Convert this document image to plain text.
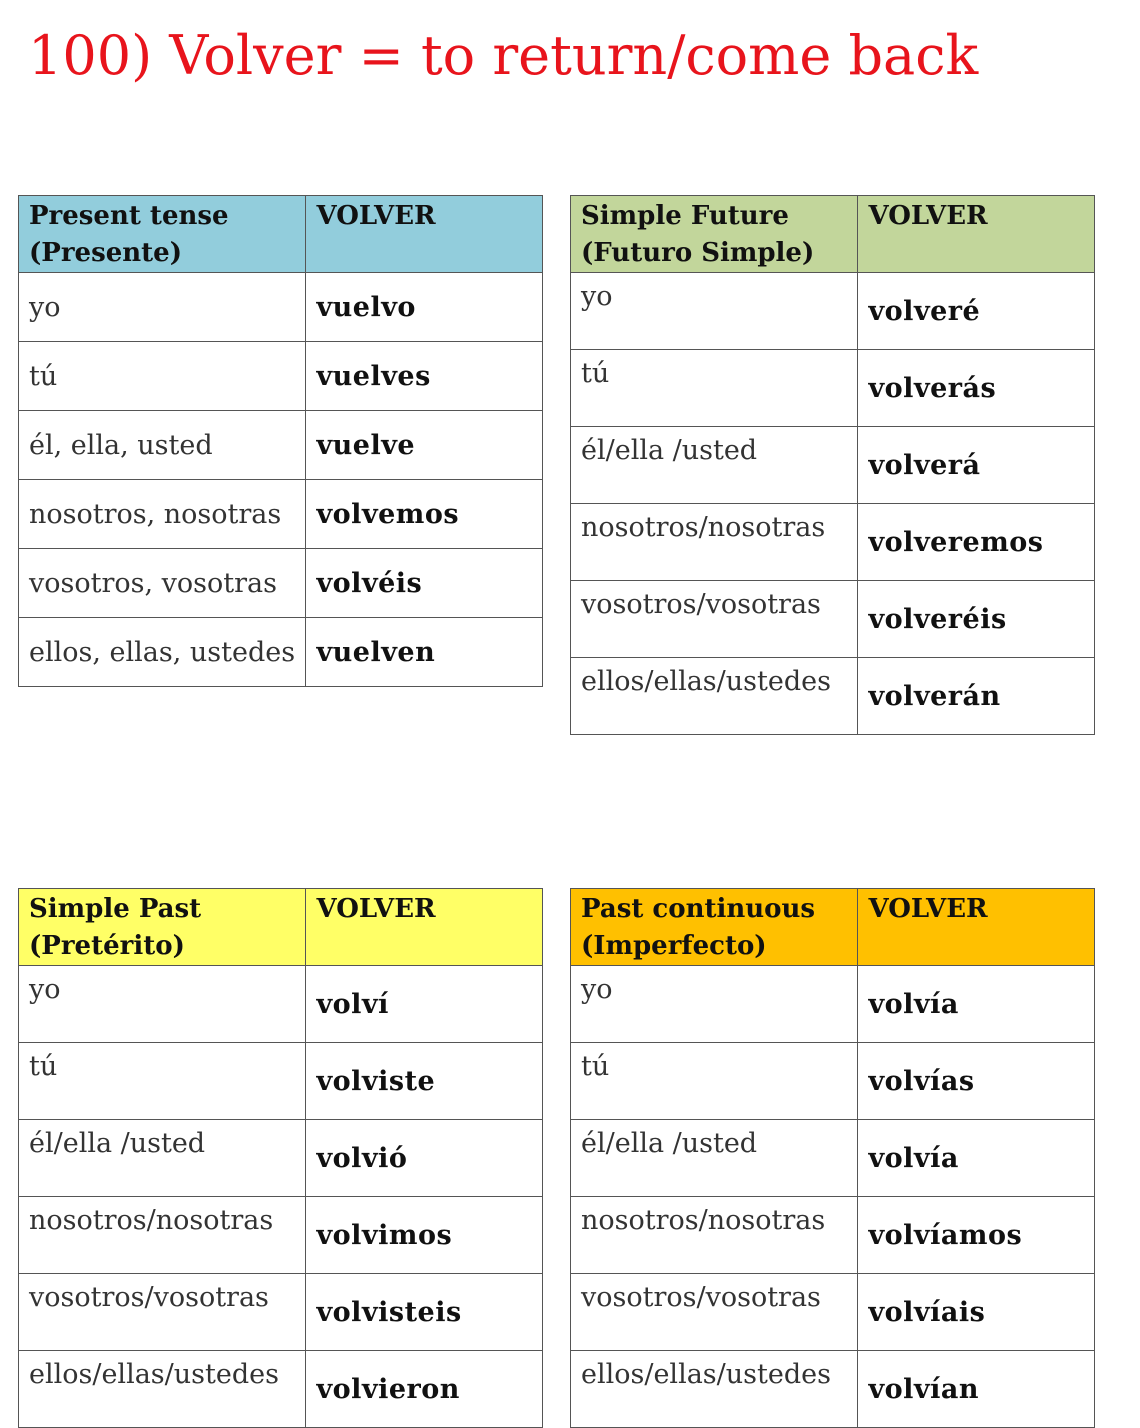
100) Volver = to return/come back
Present tense (Presente)	VOLVER
yo	vuelvo
tú	vuelves
él, ella, usted	vuelve
nosotros, nosotras	volvemos
vosotros, vosotras	volvéis
ellos, ellas, ustedes	vuelven
Simple Future (Futuro Simple)	VOLVER
yo	volveré
tú	volverás
él/ella /usted	volverá
nosotros/nosotras	volveremos
vosotros/vosotras	volveréis
ellos/ellas/ustedes	volverán
Simple Past (Pretérito)	VOLVER
yo	volví
tú	volviste
él/ella /usted	volvió
nosotros/nosotras	volvimos
vosotros/vosotras	volvisteis
ellos/ellas/ustedes	volvieron
Past continuous (Imperfecto)	VOLVER
yo	volvía
tú	volvías
él/ella /usted	volvía
nosotros/nosotras	volvíamos
vosotros/vosotras	volvíais
ellos/ellas/ustedes	volvían
